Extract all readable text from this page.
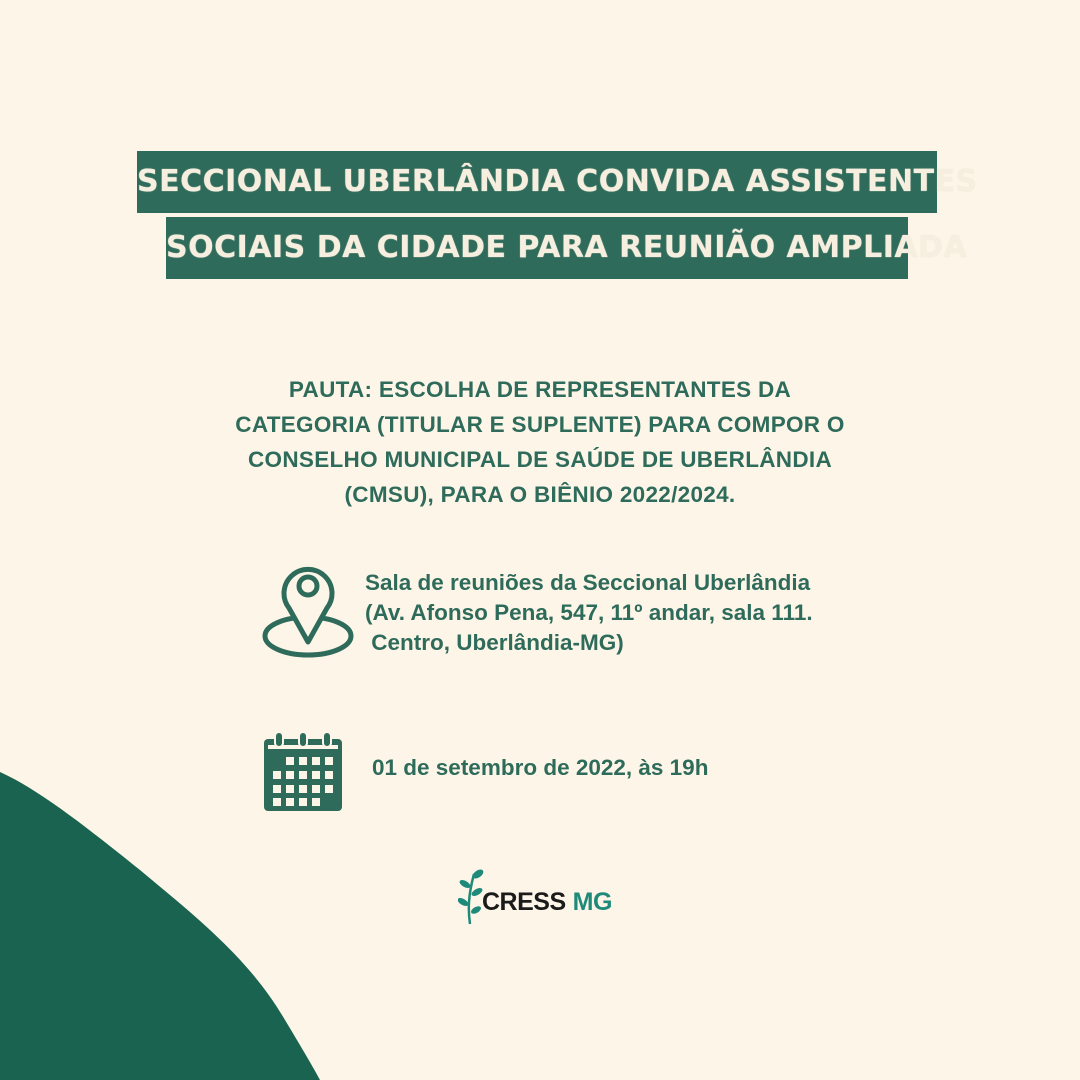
SECCIONAL UBERLÂNDIA CONVIDA ASSISTENTES
SOCIAIS DA CIDADE PARA REUNIÃO AMPLIADA
PAUTA: ESCOLHA DE REPRESENTANTES DA
CATEGORIA (TITULAR E SUPLENTE) PARA COMPOR O
CONSELHO MUNICIPAL DE SAÚDE DE UBERLÂNDIA
(CMSU), PARA O BIÊNIO 2022/2024.
Sala de reuniões da Seccional Uberlândia
(Av. Afonso Pena, 547, 11º andar, sala 111.
Centro, Uberlândia-MG)
01 de setembro de 2022, às 19h
CRESS MG
